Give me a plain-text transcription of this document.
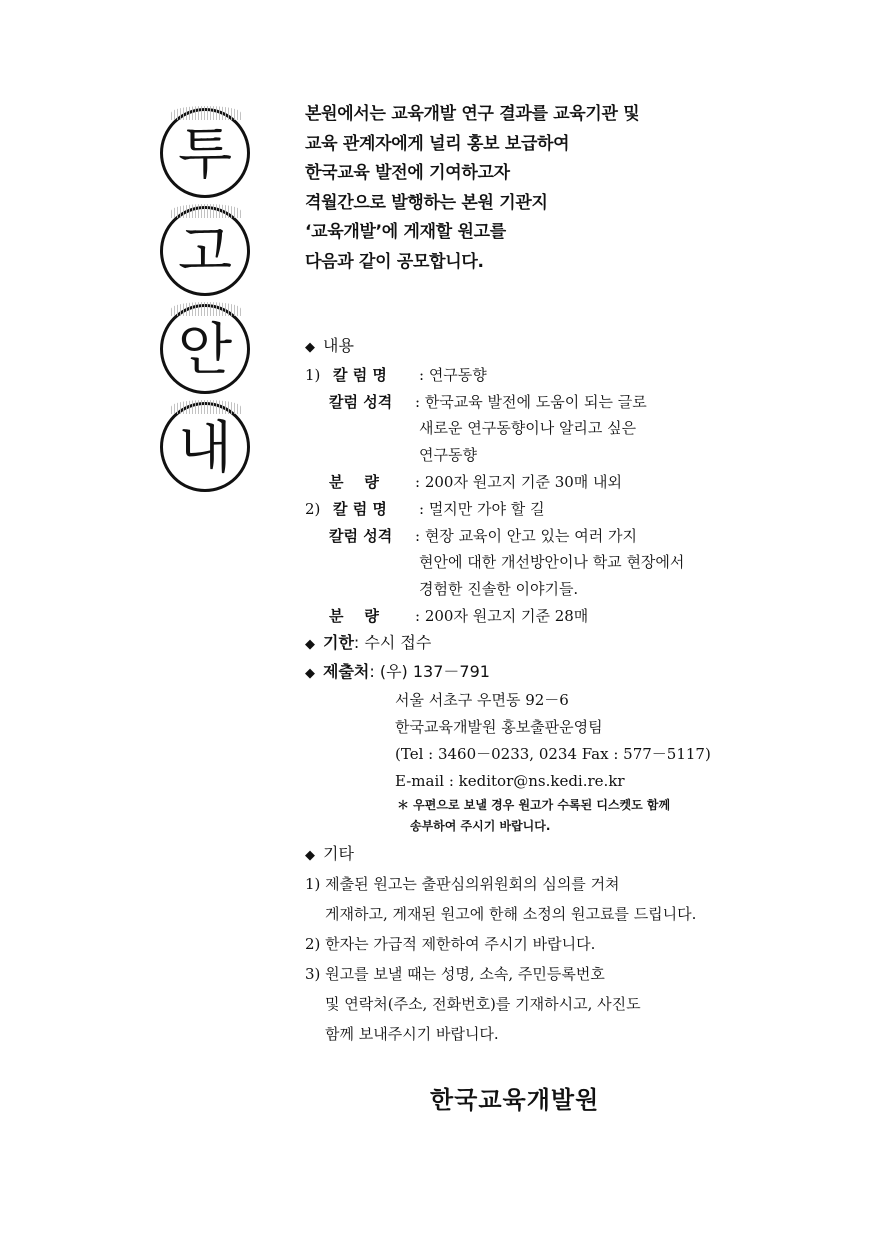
투
고
안
내
본원에서는 교육개발 연구 결과를 교육기관 및
교육 관계자에게 널리 홍보 보급하여
한국교육 발전에 기여하고자
격월간으로 발행하는 본원 기관지
‘교육개발’에 게재할 원고를
다음과 같이 공모합니다.
◆ 내용
1) 칼 럼 명 : 연구동향
칼럼 성격 : 한국교육 발전에 도움이 되는 글로
새로운 연구동향이나 알리고 싶은
연구동향
분    량 : 200자 원고지 기준 30매 내외
2) 칼 럼 명 : 멀지만 가야 할 길
칼럼 성격 : 현장 교육이 안고 있는 여러 가지
현안에 대한 개선방안이나 학교 현장에서
경험한 진솔한 이야기들.
분    량 : 200자 원고지 기준 28매
◆ 기한: 수시 접수
◆ 제출처: (우) 137－791
서울 서초구 우면동 92－6
한국교육개발원 홍보출판운영팀
(Tel : 3460－0233, 0234 Fax : 577－5117)
E-mail : keditor@ns.kedi.re.kr
＊ 우편으로 보낼 경우 원고가 수록된 디스켓도 함께
송부하여 주시기 바랍니다.
◆ 기타
1) 제출된 원고는 출판심의위원회의 심의를 거쳐
게재하고, 게재된 원고에 한해 소정의 원고료를 드립니다.
2) 한자는 가급적 제한하여 주시기 바랍니다.
3) 원고를 보낼 때는 성명, 소속, 주민등록번호
및 연락처(주소, 전화번호)를 기재하시고, 사진도
함께 보내주시기 바랍니다.
한국교육개발원
